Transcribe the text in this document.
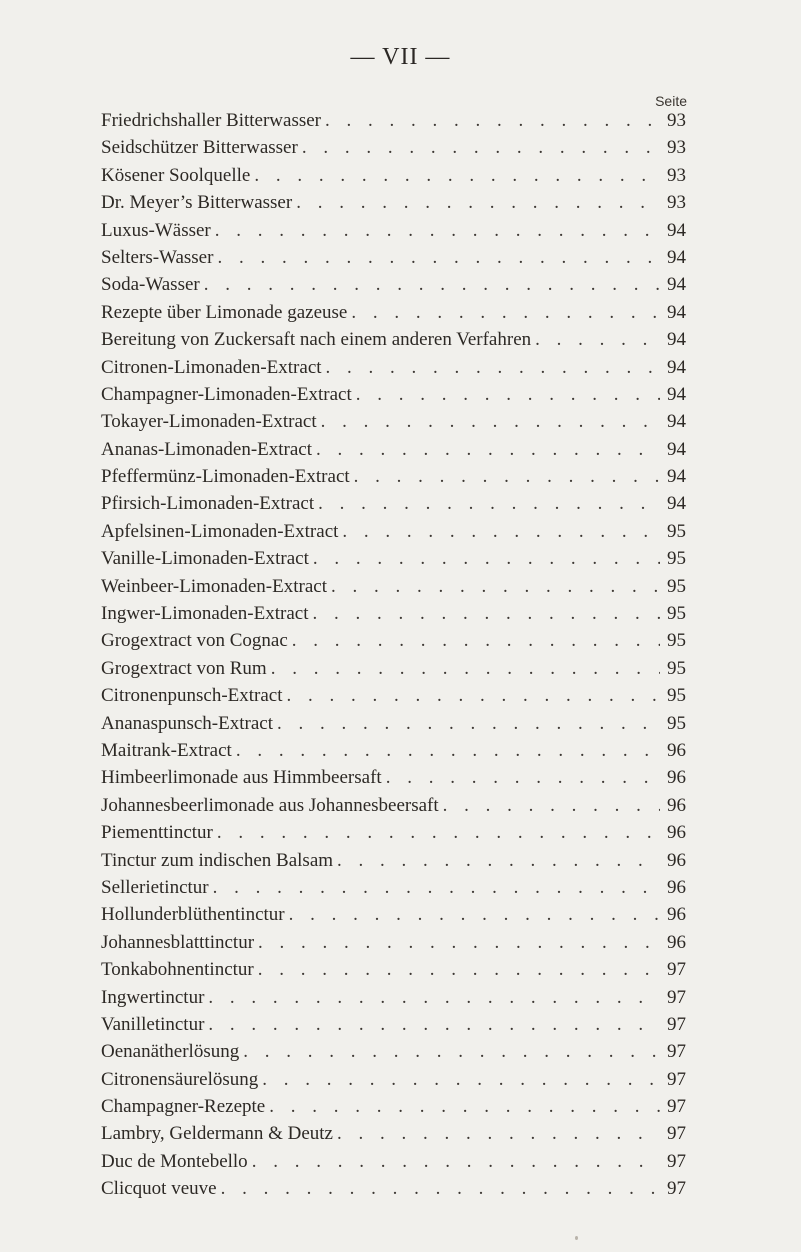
— VII —
Seite
Friedrichshaller Bitterwasser . . .	93
Seidschützer Bitterwasser . . .	93
Kösener Soolquelle . . .	93
Dr. Meyer’s Bitterwasser . . .	93
Luxus-Wässer . . .	94
Selters-Wasser . . .	94
Soda-Wasser . . .	94
Rezepte über Limonade gazeuse . . .	94
Bereitung von Zuckersaft nach einem anderen Verfahren . . .	94
Citronen-Limonaden-Extract . . .	94
Champagner-Limonaden-Extract . . .	94
Tokayer-Limonaden-Extract . . .	94
Ananas-Limonaden-Extract . . .	94
Pfeffermünz-Limonaden-Extract . . .	94
Pfirsich-Limonaden-Extract . . .	94
Apfelsinen-Limonaden-Extract . . .	95
Vanille-Limonaden-Extract . . .	95
Weinbeer-Limonaden-Extract . . .	95
Ingwer-Limonaden-Extract . . .	95
Grogextract von Cognac . . .	95
Grogextract von Rum . . .	95
Citronenpunsch-Extract . . .	95
Ananaspunsch-Extract . . .	95
Maitrank-Extract . . .	96
Himbeerlimonade aus Himmbeersaft . . .	96
Johannesbeerlimonade aus Johannesbeersaft . . .	96
Piementtinctur . . .	96
Tinctur zum indischen Balsam . . .	96
Sellerietinctur . . .	96
Hollunderblüthentinctur . . .	96
Johannesblatttinctur . . .	96
Tonkabohnentinctur . . .	97
Ingwertinctur . . .	97
Vanilletinctur . . .	97
Oenanätherlösung . . .	97
Citronensäurelösung . . .	97
Champagner-Rezepte . . .	97
Lambry, Geldermann & Deutz . . .	97
Duc de Montebello . . .	97
Clicquot veuve . . .	97
